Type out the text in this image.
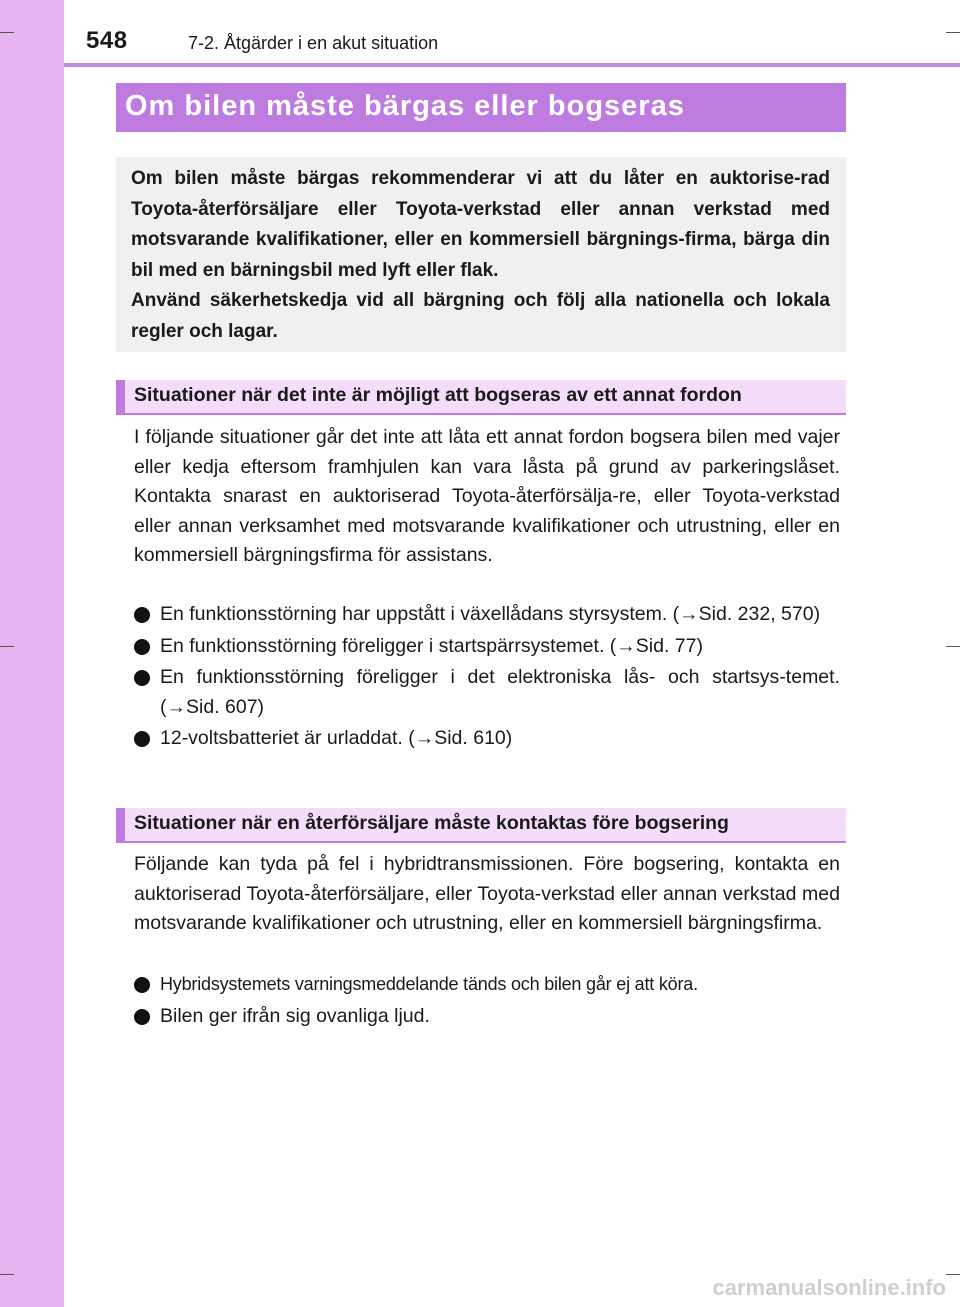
548	7-2. Åtgärder i en akut situation
Om bilen måste bärgas eller bogseras

Om bilen måste bärgas rekommenderar vi att du låter en auktorise-rad Toyota-återförsäljare eller Toyota-verkstad eller annan verkstad med motsvarande kvalifikationer, eller en kommersiell bärgnings-firma, bärga din bil med en bärningsbil med lyft eller flak.

Använd säkerhetskedja vid all bärgning och följ alla nationella och lokala regler och lagar.

Situationer när det inte är möjligt att bogseras av ett annat fordon
I följande situationer går det inte att låta ett annat fordon bogsera bilen med vajer eller kedja eftersom framhjulen kan vara låsta på grund av parkeringslåset. Kontakta snarast en auktoriserad Toyota-återförsälja-re, eller Toyota-verkstad eller annan verksamhet med motsvarande kvalifikationer och utrustning, eller en kommersiell bärgningsfirma för assistans.
En funktionsstörning har uppstått i växellådans styrsystem. (→Sid. 232, 570)
En funktionsstörning föreligger i startspärrsystemet. (→Sid. 77)
En funktionsstörning föreligger i det elektroniska lås- och startsys-temet. (→Sid. 607)
12-voltsbatteriet är urladdat. (→Sid. 610)
Situationer när en återförsäljare måste kontaktas före bogsering
Följande kan tyda på fel i hybridtransmissionen. Före bogsering, kontakta en auktoriserad Toyota-återförsäljare, eller Toyota-verkstad eller annan verkstad med motsvarande kvalifikationer och utrustning, eller en kommersiell bärgningsfirma.
Hybridsystemets varningsmeddelande tänds och bilen går ej att köra.
Bilen ger ifrån sig ovanliga ljud.
carmanualsonline.info
